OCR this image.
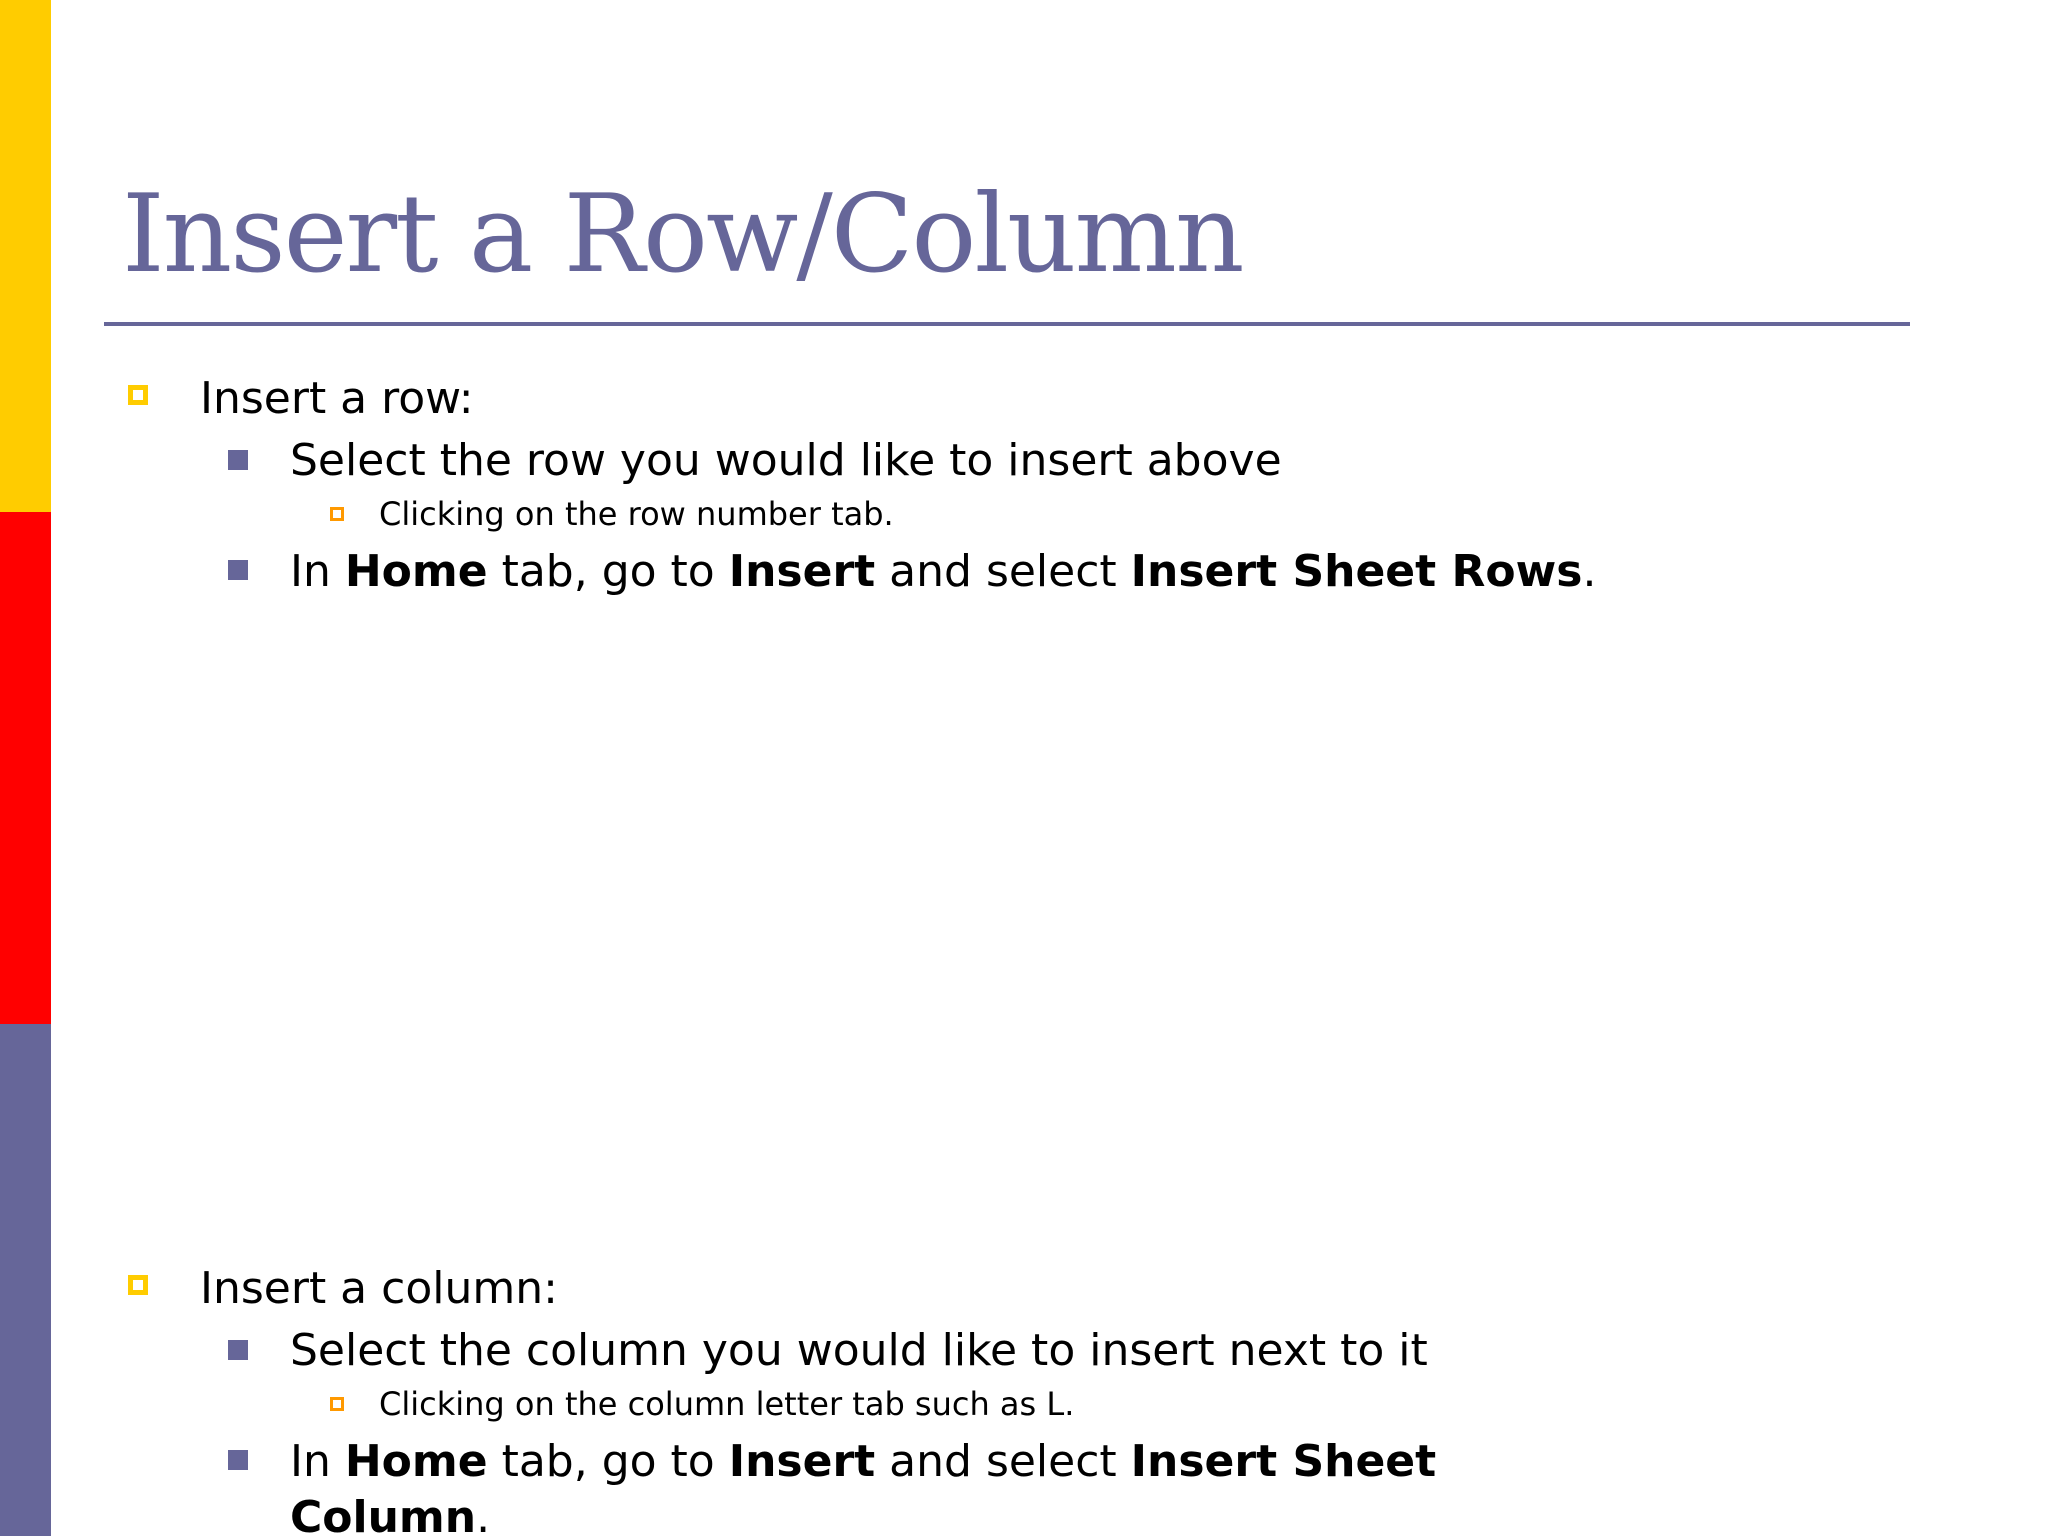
Insert a Row/Column
Insert a row:
Select the row you would like to insert above
Clicking on the row number tab.
In Home tab, go to Insert and select Insert Sheet Rows.
Insert a column:
Select the column you would like to insert next to it
Clicking on the column letter tab such as L.
In Home tab, go to Insert and select Insert Sheet
Column.
